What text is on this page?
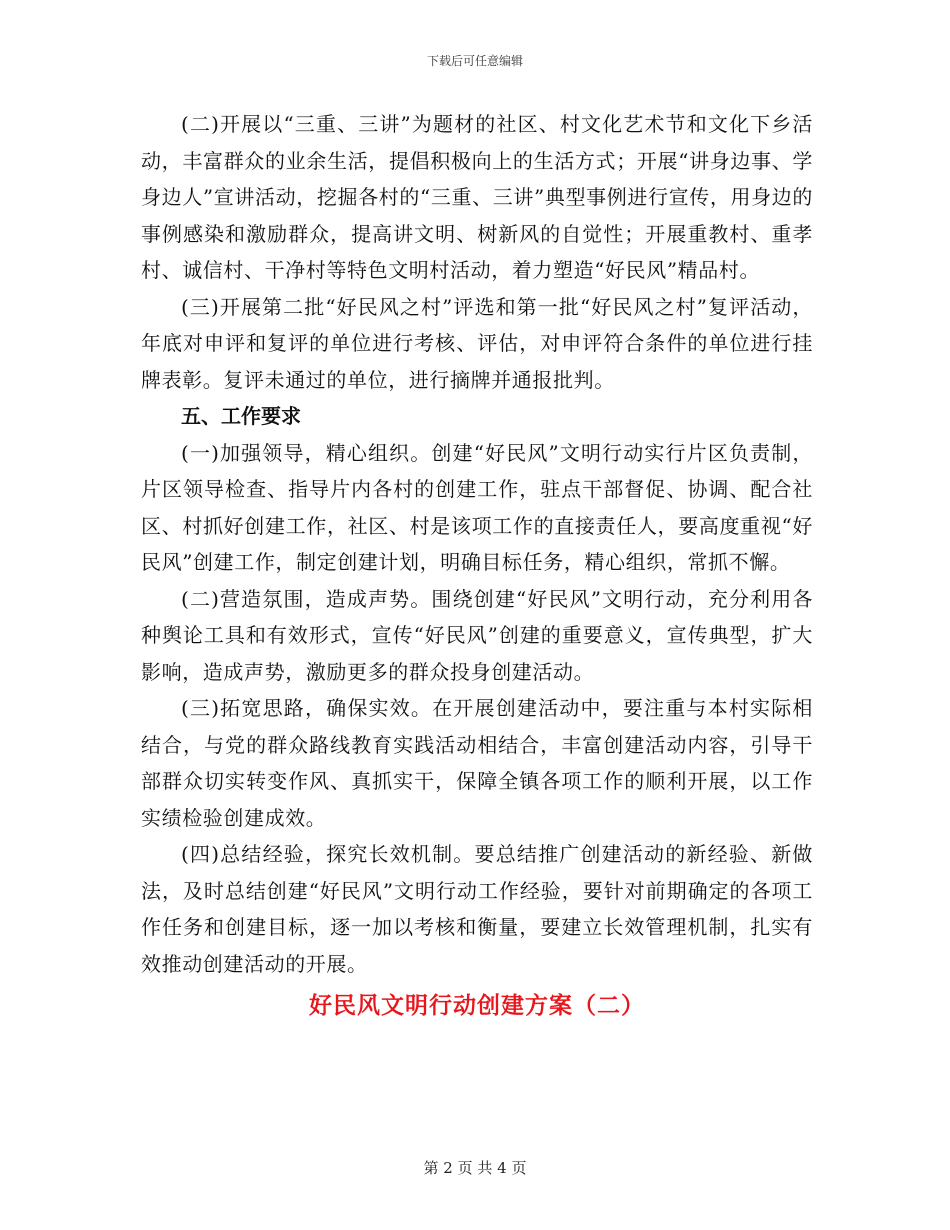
下载后可任意编辑

(二)开展以“三重、三讲”为题材的社区、村文化艺术节和文化下乡活动，丰富群众的业余生活，提倡积极向上的生活方式；开展“讲身边事、学身边人”宣讲活动，挖掘各村的“三重、三讲”典型事例进行宣传，用身边的事例感染和激励群众，提高讲文明、树新风的自觉性；开展重教村、重孝村、诚信村、干净村等特色文明村活动，着力塑造“好民风”精品村。

(三)开展第二批“好民风之村”评选和第一批“好民风之村”复评活动，年底对申评和复评的单位进行考核、评估，对申评符合条件的单位进行挂牌表彰。复评未通过的单位，进行摘牌并通报批判。

五、工作要求

(一)加强领导，精心组织。创建“好民风”文明行动实行片区负责制，片区领导检查、指导片内各村的创建工作，驻点干部督促、协调、配合社区、村抓好创建工作，社区、村是该项工作的直接责任人，要高度重视“好民风”创建工作，制定创建计划，明确目标任务，精心组织，常抓不懈。

(二)营造氛围，造成声势。围绕创建“好民风”文明行动，充分利用各种舆论工具和有效形式，宣传“好民风”创建的重要意义，宣传典型，扩大影响，造成声势，激励更多的群众投身创建活动。

(三)拓宽思路，确保实效。在开展创建活动中，要注重与本村实际相结合，与党的群众路线教育实践活动相结合，丰富创建活动内容，引导干部群众切实转变作风、真抓实干，保障全镇各项工作的顺利开展，以工作实绩检验创建成效。

(四)总结经验，探究长效机制。要总结推广创建活动的新经验、新做法，及时总结创建“好民风”文明行动工作经验，要针对前期确定的各项工作任务和创建目标，逐一加以考核和衡量，要建立长效管理机制，扎实有效推动创建活动的开展。

好民风文明行动创建方案（二）

第 2 页 共 4 页
